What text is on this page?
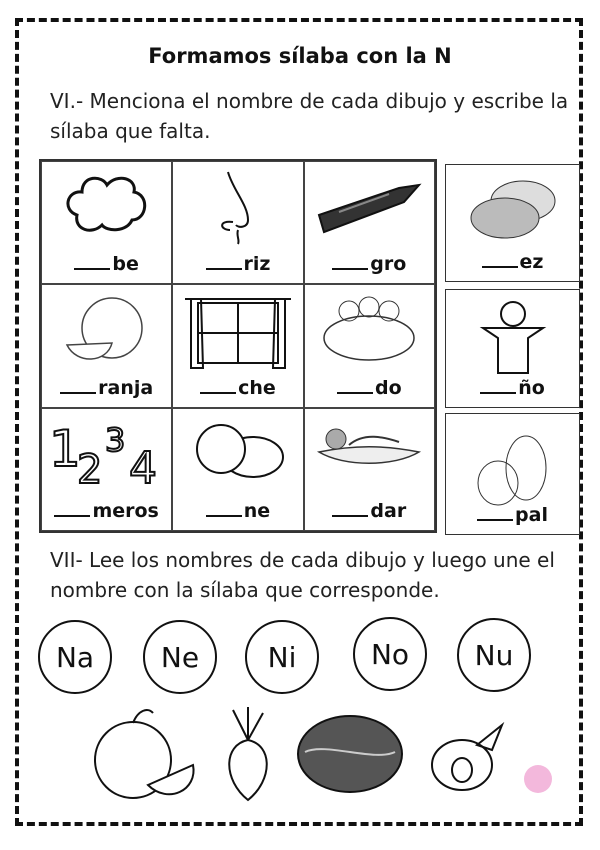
Formamos sílaba con la N
VI.- Menciona el nombre de cada dibujo y escribe la sílaba que falta.
be	riz	gro
ranja	che	do
1
2
3
4
meros	ne	dar
ez
ño
pal
VII- Lee los nombres de cada dibujo y luego une el nombre con la sílaba que corresponde.
Na	Ne	Ni	No	Nu
